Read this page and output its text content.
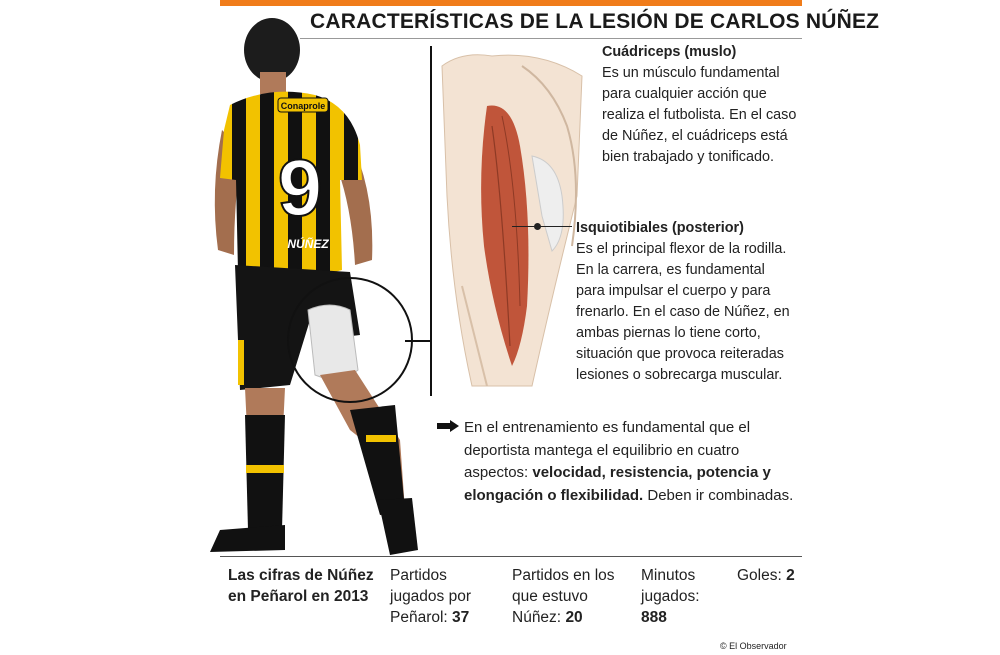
CARACTERÍSTICAS DE LA LESIÓN DE CARLOS NÚÑEZ
Conaprole
9
NÚÑEZ
Cuádriceps (muslo)
Es un músculo fundamental para cualquier acción que realiza el futbolista. En el caso de Núñez, el cuádriceps está bien trabajado y tonificado.
Isquiotibiales (posterior)
Es el principal flexor de la rodilla. En la carrera, es fundamental para impulsar el cuerpo y para frenarlo. En el caso de Núñez, en ambas piernas lo tiene corto, situación que provoca reiteradas lesiones o sobrecarga muscular.
En el entrenamiento es fundamental que el deportista mantega el equilibrio en cuatro aspectos: velocidad, resistencia, potencia y elongación o flexibilidad. Deben ir combinadas.
Las cifras de Núñez en Peñarol en 2013
Partidos jugados por Peñarol: 37
Partidos en los que estuvo Núñez: 20
Minutos jugados: 888
Goles: 2
© El Observador
